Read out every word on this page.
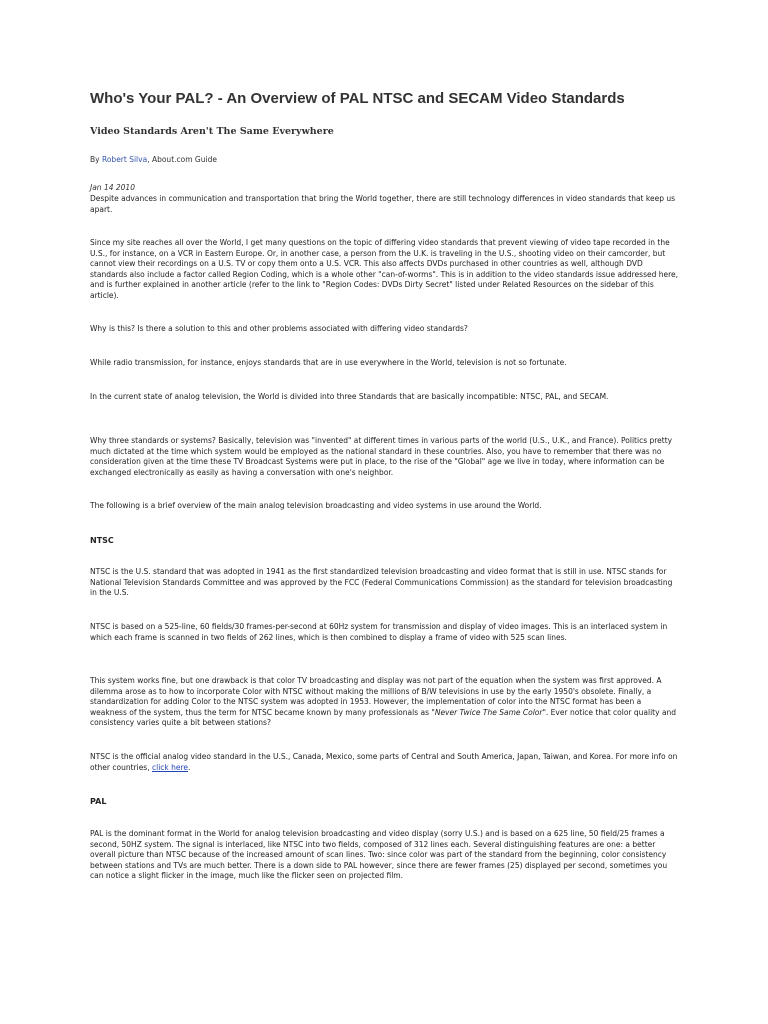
Who's Your PAL? - An Overview of PAL NTSC and SECAM Video Standards
Video Standards Aren't The Same Everywhere
By Robert Silva, About.com Guide
Jan 14 2010

Despite advances in communication and transportation that bring the World together, there are still technology differences in video standards that keep us apart.

Since my site reaches all over the World, I get many questions on the topic of differing video standards that prevent viewing of video tape recorded in the U.S., for instance, on a VCR in Eastern Europe. Or, in another case, a person from the U.K. is traveling in the U.S., shooting video on their camcorder, but cannot view their recordings on a U.S. TV or copy them onto a U.S. VCR. This also affects DVDs purchased in other countries as well, although DVD standards also include a factor called Region Coding, which is a whole other "can-of-worms". This is in addition to the video standards issue addressed here, and is further explained in another article (refer to the link to "Region Codes: DVDs Dirty Secret" listed under Related Resources on the sidebar of this article).

Why is this? Is there a solution to this and other problems associated with differing video standards?

While radio transmission, for instance, enjoys standards that are in use everywhere in the World, television is not so fortunate.

In the current state of analog television, the World is divided into three Standards that are basically incompatible: NTSC, PAL, and SECAM.

Why three standards or systems? Basically, television was "invented" at different times in various parts of the world (U.S., U.K., and France). Politics pretty much dictated at the time which system would be employed as the national standard in these countries. Also, you have to remember that there was no consideration given at the time these TV Broadcast Systems were put in place, to the rise of the "Global" age we live in today, where information can be exchanged electronically as easily as having a conversation with one's neighbor.

The following is a brief overview of the main analog television broadcasting and video systems in use around the World.

NTSC

NTSC is the U.S. standard that was adopted in 1941 as the first standardized television broadcasting and video format that is still in use. NTSC stands for National Television Standards Committee and was approved by the FCC (Federal Communications Commission) as the standard for television broadcasting in the U.S.

NTSC is based on a 525-line, 60 fields/30 frames-per-second at 60Hz system for transmission and display of video images. This is an interlaced system in which each frame is scanned in two fields of 262 lines, which is then combined to display a frame of video with 525 scan lines.

This system works fine, but one drawback is that color TV broadcasting and display was not part of the equation when the system was first approved. A dilemma arose as to how to incorporate Color with NTSC without making the millions of B/W televisions in use by the early 1950's obsolete. Finally, a standardization for adding Color to the NTSC system was adopted in 1953. However, the implementation of color into the NTSC format has been a weakness of the system, thus the term for NTSC became known by many professionals as "Never Twice The Same Color". Ever notice that color quality and consistency varies quite a bit between stations?

NTSC is the official analog video standard in the U.S., Canada, Mexico, some parts of Central and South America, Japan, Taiwan, and Korea. For more info on other countries, click here.

PAL

PAL is the dominant format in the World for analog television broadcasting and video display (sorry U.S.) and is based on a 625 line, 50 field/25 frames a second, 50HZ system. The signal is interlaced, like NTSC into two fields, composed of 312 lines each. Several distinguishing features are one: a better overall picture than NTSC because of the increased amount of scan lines. Two: since color was part of the standard from the beginning, color consistency between stations and TVs are much better. There is a down side to PAL however, since there are fewer frames (25) displayed per second, sometimes you can notice a slight flicker in the image, much like the flicker seen on projected film.
